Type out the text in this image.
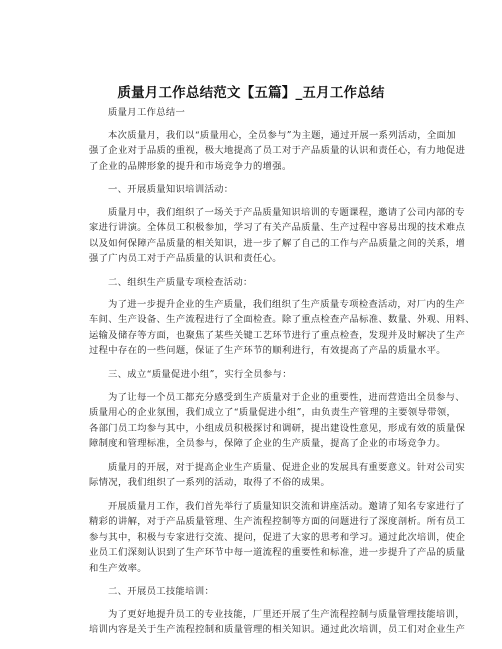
质量月工作总结范文【五篇】_五月工作总结

质量月工作总结一

本次质量月，我们以“质量用心，全员参与”为主题，通过开展一系列活动，全面加
强了企业对于品质的重视，极大地提高了员工对于产品质量的认识和责任心，有力地促进
了企业的品牌形象的提升和市场竞争力的增强。

一、开展质量知识培训活动：

质量月中，我们组织了一场关于产品质量知识培训的专题课程，邀请了公司内部的专
家进行讲演。全体员工积极参加，学习了有关产品质量、生产过程中容易出现的技术难点
以及如何保障产品质量的相关知识，进一步了解了自己的工作与产品质量之间的关系，增
强了广内员工对于产品质量的认识和责任心。

二、组织生产质量专项检查活动：

为了进一步提升企业的生产质量，我们组织了生产质量专项检查活动，对厂内的生产
车间、生产设备、生产流程进行了全面检查。除了重点检查产品标准、数量、外观、用料、
运输及储存等方面，也聚焦了某些关键工艺环节进行了重点检查，发现并及时解决了生产
过程中存在的一些问题，保证了生产环节的顺利进行，有效提高了产品的质量水平。

三、成立“质量促进小组”，实行全员参与：

为了让每一个员工都充分感受到生产质量对于企业的重要性，进而营造出全员参与、
质量用心的企业氛围，我们成立了“质量促进小组”，由负责生产管理的主要领导带领，
各部门员工均参与其中，小组成员积极探讨和调研，提出建设性意见，形成有效的质量保
障制度和管理标准，全员参与，保障了企业的生产质量，提高了企业的市场竞争力。

质量月的开展，对于提高企业生产质量、促进企业的发展具有重要意义。针对公司实
际情况，我们组织了一系列的活动，取得了不俗的成果。

开展质量月工作，我们首先举行了质量知识交流和讲座活动。邀请了知名专家进行了
精彩的讲解，对于产品质量管理、生产流程控制等方面的问题进行了深度剖析。所有员工
参与其中，积极与专家进行交流、提问，促进了大家的思考和学习。通过此次培训，使企
业员工们深刻认识到了生产环节中每一道流程的重要性和标准，进一步提升了产品的质量
和生产效率。

二、开展员工技能培训：

为了更好地提升员工的专业技能，厂里还开展了生产流程控制与质量管理技能培训，
培训内容是关于生产流程控制和质量管理的相关知识。通过此次培训，员工们对企业生产
